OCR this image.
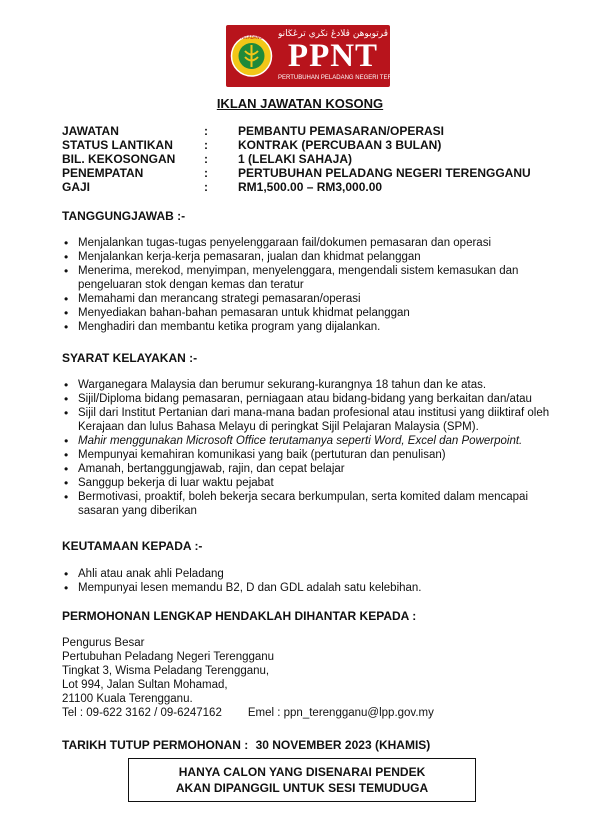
PELADANG ڤرتوبوهن ڤلادڠ نڬري ترڠڬانو
PPNT
PERTUBUHAN PELADANG NEGERI TERENGGANU
IKLAN JAWATAN KOSONG
JAWATAN	:	PEMBANTU PEMASARAN/OPERASI
STATUS LANTIKAN	:	KONTRAK (PERCUBAAN 3 BULAN)
BIL. KEKOSONGAN	:	1 (LELAKI SAHAJA)
PENEMPATAN	:	PERTUBUHAN PELADANG NEGERI TERENGGANU
GAJI	:	RM1,500.00 – RM3,000.00
TANGGUNGJAWAB :-
• Menjalankan tugas-tugas penyelenggaraan fail/dokumen pemasaran dan operasi
• Menjalankan kerja-kerja pemasaran, jualan dan khidmat pelanggan
• Menerima, merekod, menyimpan, menyelenggara, mengendali sistem kemasukan dan pengeluaran stok dengan kemas dan teratur
• Memahami dan merancang strategi pemasaran/operasi
• Menyediakan bahan-bahan pemasaran untuk khidmat pelanggan
• Menghadiri dan membantu ketika program yang dijalankan.
SYARAT KELAYAKAN :-
• Warganegara Malaysia dan berumur sekurang-kurangnya 18 tahun dan ke atas.
• Sijil/Diploma bidang pemasaran, perniagaan atau bidang-bidang yang berkaitan dan/atau
• Sijil dari Institut Pertanian dari mana-mana badan profesional atau institusi yang diiktiraf oleh Kerajaan dan lulus Bahasa Melayu di peringkat Sijil Pelajaran Malaysia (SPM).
• Mahir menggunakan Microsoft Office terutamanya seperti Word, Excel dan Powerpoint.
• Mempunyai kemahiran komunikasi yang baik (pertuturan dan penulisan)
• Amanah, bertanggungjawab, rajin, dan cepat belajar
• Sanggup bekerja di luar waktu pejabat
• Bermotivasi, proaktif, boleh bekerja secara berkumpulan, serta komited dalam mencapai sasaran yang diberikan
KEUTAMAAN KEPADA :-
• Ahli atau anak ahli Peladang
• Mempunyai lesen memandu B2, D dan GDL adalah satu kelebihan.
PERMOHONAN LENGKAP HENDAKLAH DIHANTAR KEPADA :
Pengurus Besar
Pertubuhan Peladang Negeri Terengganu
Tingkat 3, Wisma Peladang Terengganu,
Lot 994, Jalan Sultan Mohamad,
21100 Kuala Terengganu.
Tel : 09-622 3162 / 09-6247162 Emel : ppn_terengganu@lpp.gov.my
TARIKH TUTUP PERMOHONAN : 30 NOVEMBER 2023 (KHAMIS)
HANYA CALON YANG DISENARAI PENDEK
AKAN DIPANGGIL UNTUK SESI TEMUDUGA
